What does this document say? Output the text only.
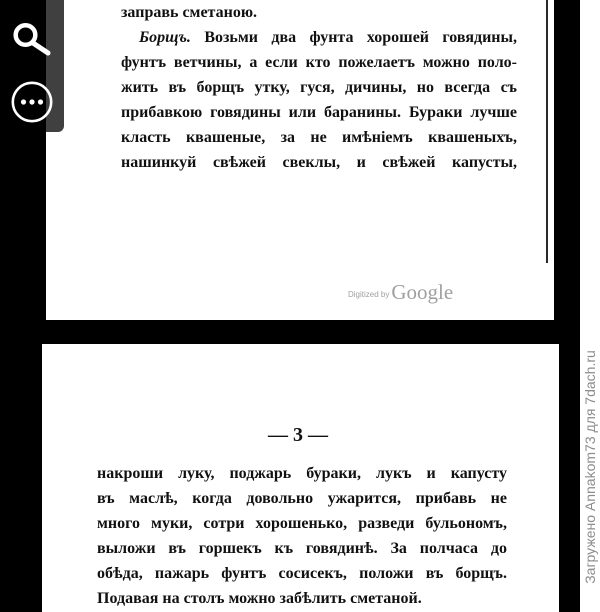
заправь сметаною.
Борщъ. Возьми два фунта хорошей говядины,
фунтъ ветчины, а если кто пожелаетъ можно поло-
жить въ борщъ утку, гуся, дичины, но всегда съ
прибавкою говядины или баранины. Бураки лучше
класть квашеные, за не имѣнiемъ квашеныхъ,
нашинкуй свѣжей свеклы, и свѣжей капусты,
Digitized byGoogle
— 3 —
накроши луку, поджарь бураки, лукъ и капусту
въ маслѣ, когда довольно ужарится, прибавь не
много муки, сотри хорошенько, разведи бульономъ,
выложи въ горшекъ къ говядинѣ. За полчаса до
обѣда, пажарь фунтъ сосисекъ, положи въ борщъ.
Подавая на столъ можно забѣлить сметаной.
Загружено Annakom73 для 7dach.ru
